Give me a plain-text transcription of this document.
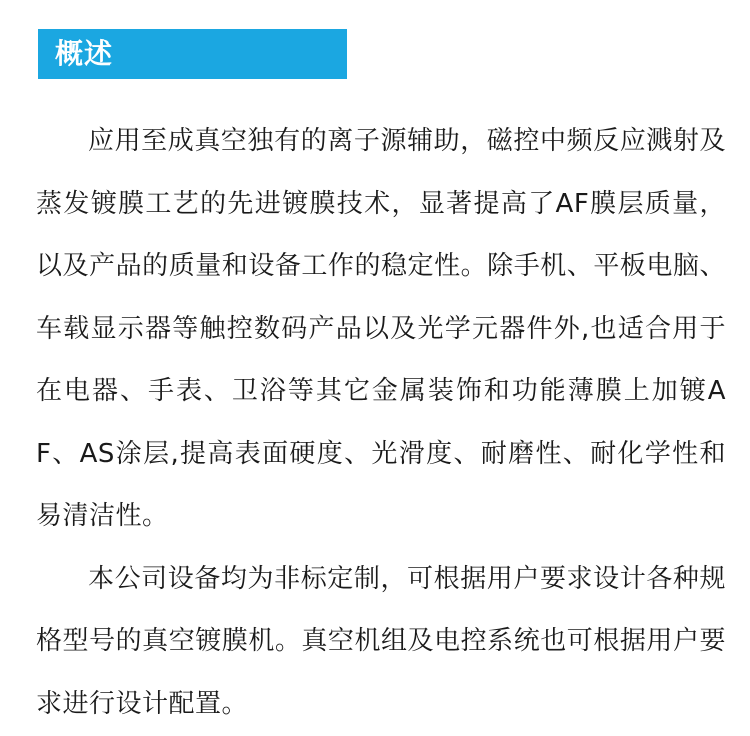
概述

应用至成真空独有的离子源辅助，磁控中频反应溅射及蒸发镀膜工艺的先进镀膜技术，显著提高了AF膜层质量，以及产品的质量和设备工作的稳定性。除手机、平板电脑、车载显示器等触控数码产品以及光学元器件外,也适合用于在电器、手表、卫浴等其它金属装饰和功能薄膜上加镀AF、AS涂层,提高表面硬度、光滑度、耐磨性、耐化学性和易清洁性。

本公司设备均为非标定制，可根据用户要求设计各种规格型号的真空镀膜机。真空机组及电控系统也可根据用户要求进行设计配置。
